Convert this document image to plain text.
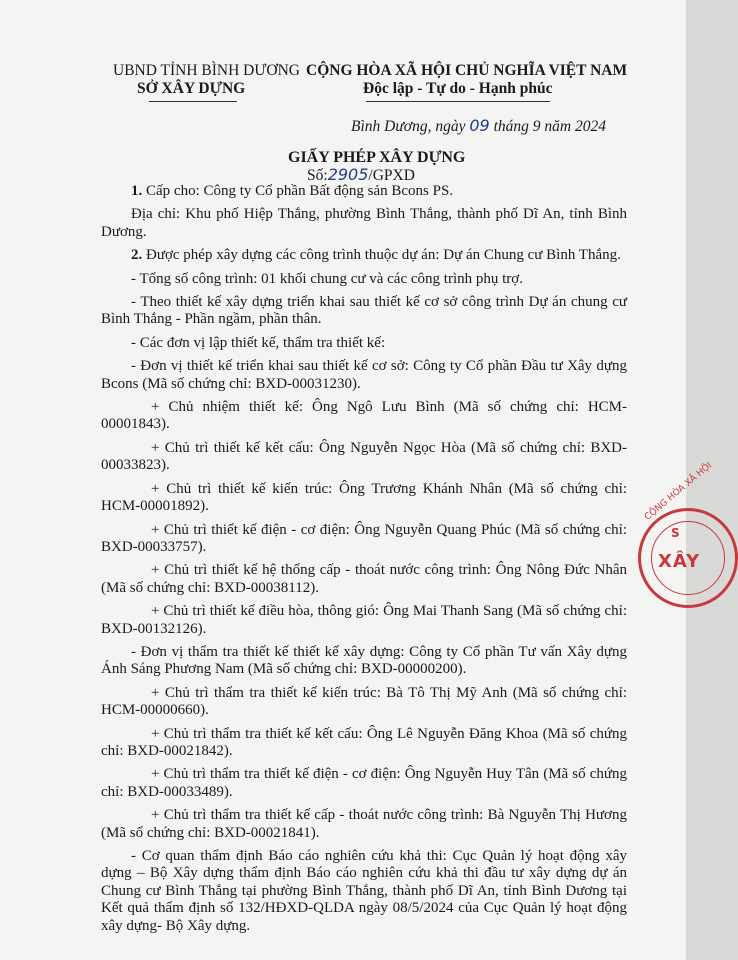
UBND TỈNH BÌNH DƯƠNG
SỞ XÂY DỰNG
CỘNG HÒA XÃ HỘI CHỦ NGHĨA VIỆT NAM
Độc lập - Tự do - Hạnh phúc
Bình Dương, ngày 09 tháng 9 năm 2024
GIẤY PHÉP XÂY DỰNG
Số:2905/GPXD

1. Cấp cho: Công ty Cổ phần Bất động sản Bcons PS.

Địa chỉ: Khu phố Hiệp Thắng, phường Bình Thắng, thành phố Dĩ An, tỉnh Bình Dương.

2. Được phép xây dựng các công trình thuộc dự án: Dự án Chung cư Bình Thắng.

- Tổng số công trình: 01 khối chung cư và các công trình phụ trợ.

- Theo thiết kế xây dựng triển khai sau thiết kế cơ sở công trình Dự án chung cư Bình Thắng - Phần ngầm, phần thân.

- Các đơn vị lập thiết kế, thẩm tra thiết kế:

- Đơn vị thiết kế triển khai sau thiết kế cơ sở: Công ty Cổ phần Đầu tư Xây dựng Bcons (Mã số chứng chỉ: BXD-00031230).

+ Chủ nhiệm thiết kế: Ông Ngô Lưu Bình (Mã số chứng chỉ: HCM-00001843).

+ Chủ trì thiết kế kết cấu: Ông Nguyễn Ngọc Hòa (Mã số chứng chỉ: BXD-00033823).

+ Chủ trì thiết kế kiến trúc: Ông Trương Khánh Nhân (Mã số chứng chỉ: HCM-00001892).

+ Chủ trì thiết kế điện - cơ điện: Ông Nguyễn Quang Phúc (Mã số chứng chỉ: BXD-00033757).

+ Chủ trì thiết kế hệ thống cấp - thoát nước công trình: Ông Nông Đức Nhân (Mã số chứng chỉ: BXD-00038112).

+ Chủ trì thiết kế điều hòa, thông gió: Ông Mai Thanh Sang (Mã số chứng chỉ: BXD-00132126).

- Đơn vị thẩm tra thiết kế thiết kế xây dựng: Công ty Cổ phần Tư vấn Xây dựng Ánh Sáng Phương Nam (Mã số chứng chỉ: BXD-00000200).

+ Chủ trì thẩm tra thiết kế kiến trúc: Bà Tô Thị Mỹ Anh (Mã số chứng chỉ: HCM-00000660).

+ Chủ trì thẩm tra thiết kế kết cấu: Ông Lê Nguyễn Đăng Khoa (Mã số chứng chỉ: BXD-00021842).

+ Chủ trì thẩm tra thiết kế điện - cơ điện: Ông Nguyễn Huy Tân (Mã số chứng chỉ: BXD-00033489).

+ Chủ trì thẩm tra thiết kế cấp - thoát nước công trình: Bà Nguyễn Thị Hương (Mã số chứng chỉ: BXD-00021841).

- Cơ quan thẩm định Báo cáo nghiên cứu khả thi: Cục Quản lý hoạt động xây dựng – Bộ Xây dựng thẩm định Báo cáo nghiên cứu khả thi đầu tư xây dựng dự án Chung cư Bình Thắng tại phường Bình Thắng, thành phố Dĩ An, tỉnh Bình Dương tại Kết quả thẩm định số 132/HĐXD-QLDA ngày 08/5/2024 của Cục Quản lý hoạt động xây dựng- Bộ Xây dựng.

CỘNG HÒA XÃ HỘI
S
XÂY
